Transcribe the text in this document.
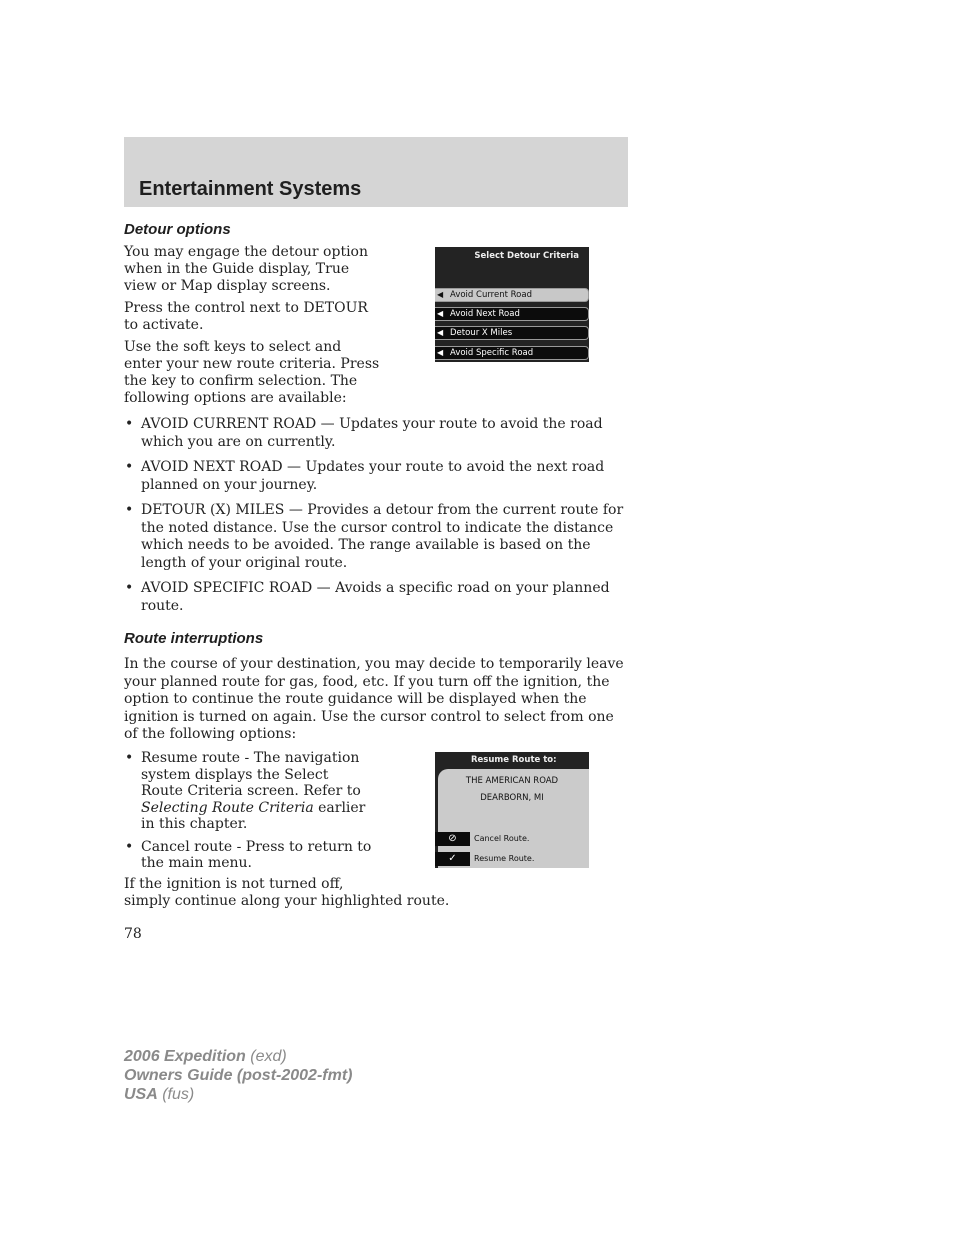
Entertainment Systems
Detour options

You may engage the detour option when in the Guide display, True view or Map display screens.

Press the control next to DETOUR to activate.

Use the soft keys to select and enter your new route criteria. Press the key to confirm selection. The following options are available:

Select Detour Criteria
◀ Avoid Current Road
◀ Avoid Next Road
◀ Detour X Miles
◀ Avoid Specific Road
• AVOID CURRENT ROAD — Updates your route to avoid the road which you are on currently.
• AVOID NEXT ROAD — Updates your route to avoid the next road planned on your journey.
• DETOUR (X) MILES — Provides a detour from the current route for the noted distance. Use the cursor control to indicate the distance which needs to be avoided. The range available is based on the length of your original route.
• AVOID SPECIFIC ROAD — Avoids a specific road on your planned route.
Route interruptions

In the course of your destination, you may decide to temporarily leave your planned route for gas, food, etc. If you turn off the ignition, the option to continue the route guidance will be displayed when the ignition is turned on again. Use the cursor control to select from one of the following options:

• Resume route - The navigation system displays the Select Route Criteria screen. Refer to Selecting Route Criteria earlier in this chapter.
• Cancel route - Press to return to the main menu.

If the ignition is not turned off,
simply continue along your highlighted route.

Resume Route to:
THE AMERICAN ROAD
DEARBORN, MI
⊘	Cancel Route.
✓	Resume Route.
78
2006 Expedition (exd)
Owners Guide (post-2002-fmt)
USA (fus)
